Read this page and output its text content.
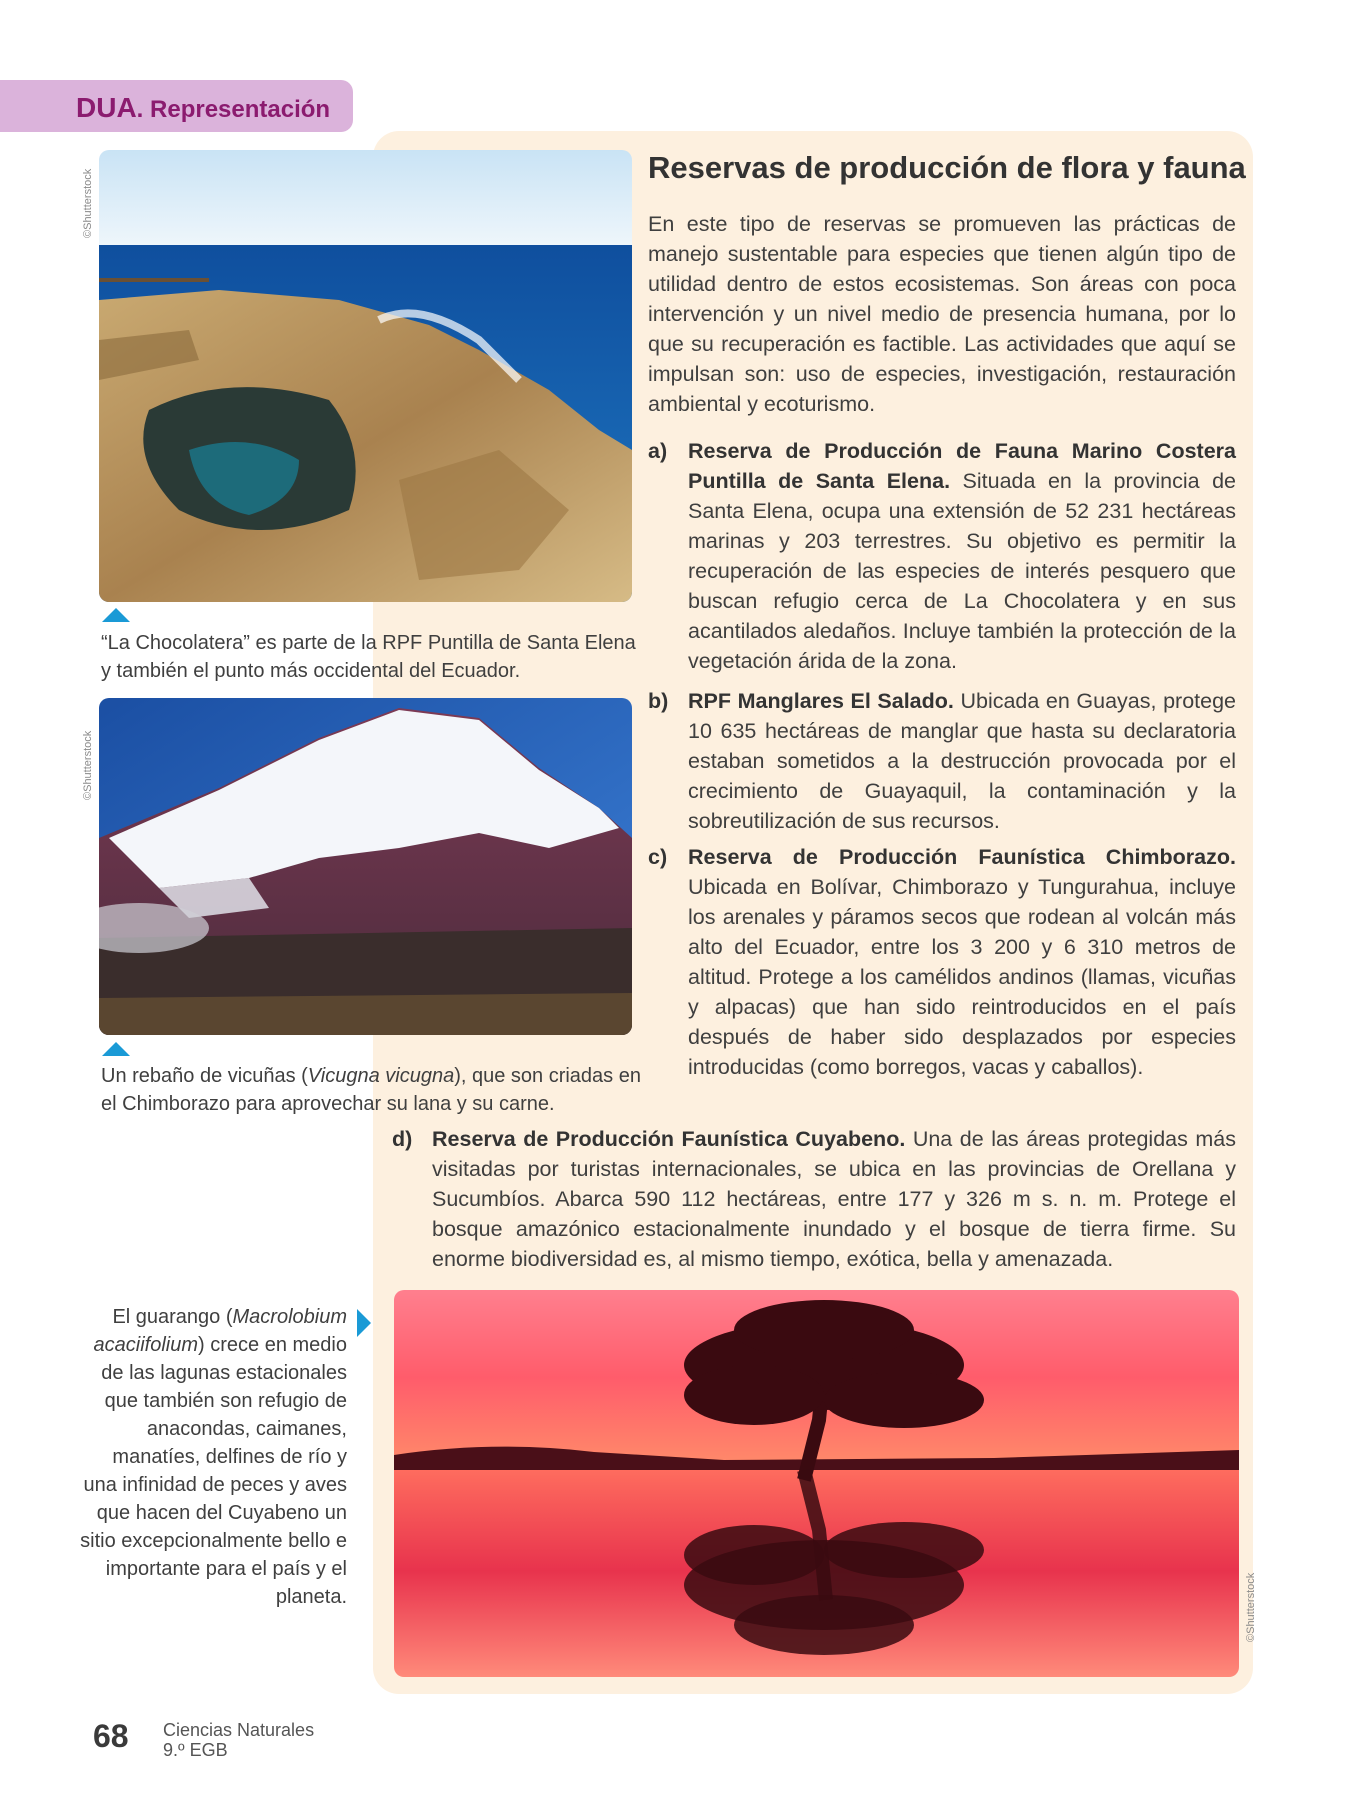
DUA. Representación
©Shutterstock
©Shutterstock
©Shutterstock
“La Chocolatera” es parte de la RPF Puntilla de Santa Elena y también el punto más occidental del Ecuador.
Un rebaño de vicuñas (Vicugna vicugna), que son criadas en el Chimborazo para aprovechar su lana y su carne.
Reservas de producción de flora y fauna
En este tipo de reservas se promueven las prácticas de manejo sustentable para especies que tienen algún tipo de utilidad dentro de estos ecosistemas. Son áreas con poca intervención y un nivel medio de presencia humana, por lo que su recuperación es factible. Las actividades que aquí se impulsan son: uso de especies, investigación, restauración ambiental y ecoturismo.
a) Reserva de Producción de Fauna Marino Costera Puntilla de Santa Elena. Situada en la provincia de Santa Elena, ocupa una extensión de 52 231 hectáreas marinas y 203 terrestres. Su objetivo es permitir la recuperación de las especies de interés pesquero que buscan refugio cerca de La Chocolatera y en sus acantilados aledaños. Incluye también la protección de la vegetación árida de la zona.
b) RPF Manglares El Salado. Ubicada en Guayas, protege 10 635 hectáreas de manglar que hasta su declaratoria estaban sometidos a la destrucción provocada por el crecimiento de Guayaquil, la contaminación y la sobreutilización de sus recursos.
c) Reserva de Producción Faunística Chimborazo. Ubicada en Bolívar, Chimborazo y Tungurahua, incluye los arenales y páramos secos que rodean al volcán más alto del Ecuador, entre los 3 200 y 6 310 metros de altitud. Protege a los camélidos andinos (llamas, vicuñas y alpacas) que han sido reintroducidos en el país después de haber sido desplazados por especies introducidas (como borregos, vacas y caballos).
d) Reserva de Producción Faunística Cuyabeno. Una de las áreas protegidas más visitadas por turistas internacionales, se ubica en las provincias de Orellana y Sucumbíos. Abarca 590 112 hectáreas, entre 177 y 326 m s. n. m. Protege el bosque amazónico estacionalmente inundado y el bosque de tierra firme. Su enorme biodiversidad es, al mismo tiempo, exótica, bella y amenazada.
El guarango (Macrolobium acaciifolium) crece en medio de las lagunas estacionales que también son refugio de anacondas, caimanes, manatíes, delfines de río y una infinidad de peces y aves que hacen del Cuyabeno un sitio excepcionalmente bello e importante para el país y el planeta.
68 Ciencias Naturales
9.º EGB
